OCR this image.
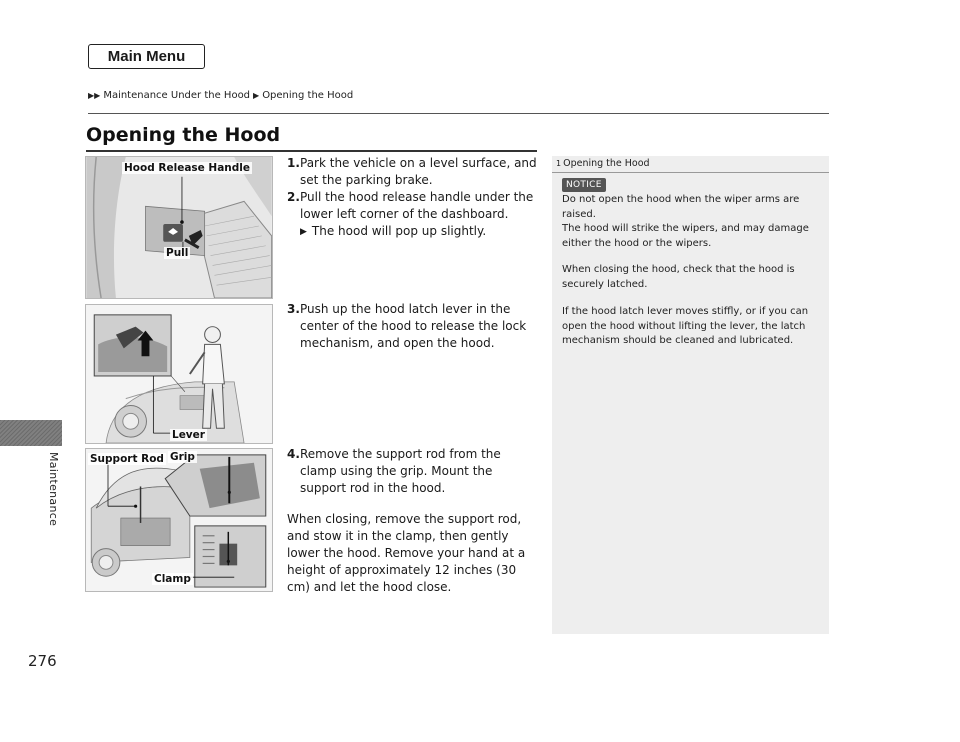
Main Menu
▶▶ Maintenance Under the Hood ▶ Opening the Hood
Maintenance
276
Opening the Hood
Hood Release Handle
Pull
Lever
Support Rod Grip
Clamp
1. Park the vehicle on a level surface, and set the parking brake.
2. Pull the hood release handle under the lower left corner of the dashboard.
▶ The hood will pop up slightly.
3. Push up the hood latch lever in the center of the hood to release the lock mechanism, and open the hood.
4. Remove the support rod from the clamp using the grip. Mount the support rod in the hood.
When closing, remove the support rod, and stow it in the clamp, then gently lower the hood. Remove your hand at a height of approximately 12 inches (30 cm) and let the hood close.
1 Opening the Hood
NOTICE
Do not open the hood when the wiper arms are raised.
The hood will strike the wipers, and may damage either the hood or the wipers.
When closing the hood, check that the hood is securely latched.
If the hood latch lever moves stiffly, or if you can open the hood without lifting the lever, the latch mechanism should be cleaned and lubricated.
